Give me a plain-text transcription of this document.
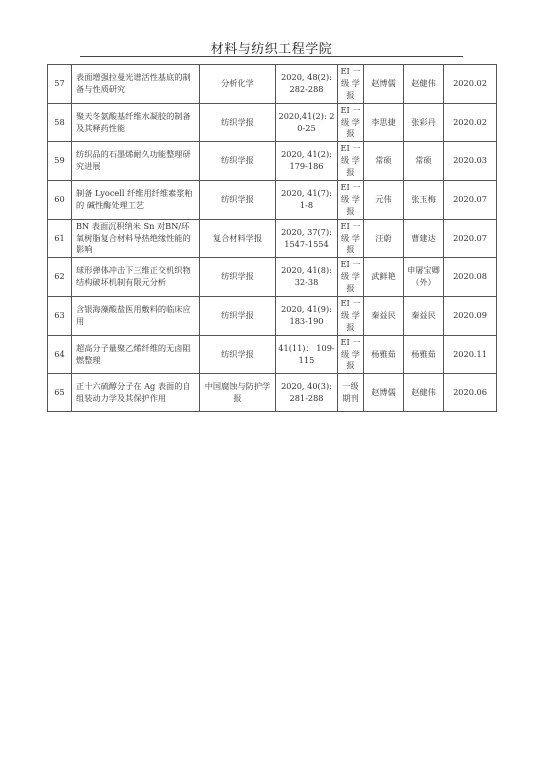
材料与纺织工程学院
57	表面增强拉曼光谱活性基底的制备与性质研究	分析化学	2020, 48(2): 282-288	EI 一级 学报	赵博儒	赵健伟	2020.02
58	聚天冬氨酸基纤维水凝胶的制备及其释药性能	纺织学报	2020,41(2): 20-25	EI 一级 学报	李思捷	张彩丹	2020.02
59	纺织品的石墨烯耐久功能整理研究进展	纺织学报	2020, 41(2): 179-186	EI 一级 学报	常硕	常硕	2020.03
60	制备 Lyocell 纤维用纤维素浆粕的 碱性酶处理工艺	纺织学报	2020, 41(7): 1-8	EI 一级 学报	元伟	张玉梅	2020.07
61	BN 表面沉积纳米 Sn 对BN/环氧树脂复合材料导热绝缘性能的影响	复合材料学报	2020, 37(7): 1547-1554	EI 一级 学报	汪蔚	曹建达	2020.07
62	球形弹体冲击下三维正交机织物结构破坏机制有限元分析	纺织学报	2020, 41(8): 32-38	EI 一级 学报	武鲜艳	申屠宝卿（外）	2020.08
63	含银海藻酸盐医用敷料的临床应用	纺织学报	2020, 41(9): 183-190	EI 一级 学报	秦益民	秦益民	2020.09
64	超高分子量聚乙烯纤维的无卤阻燃整理	纺织学报	41(11)： 109-115	EI 一级 学报	杨雅茹	杨雅茹	2020.11
65	正十六硫醇分子在 Ag 表面的自组装动力学及其保护作用	中国腐蚀与防护学报	2020, 40(3): 281-288	一级 期刊	赵博儒	赵健伟	2020.06
